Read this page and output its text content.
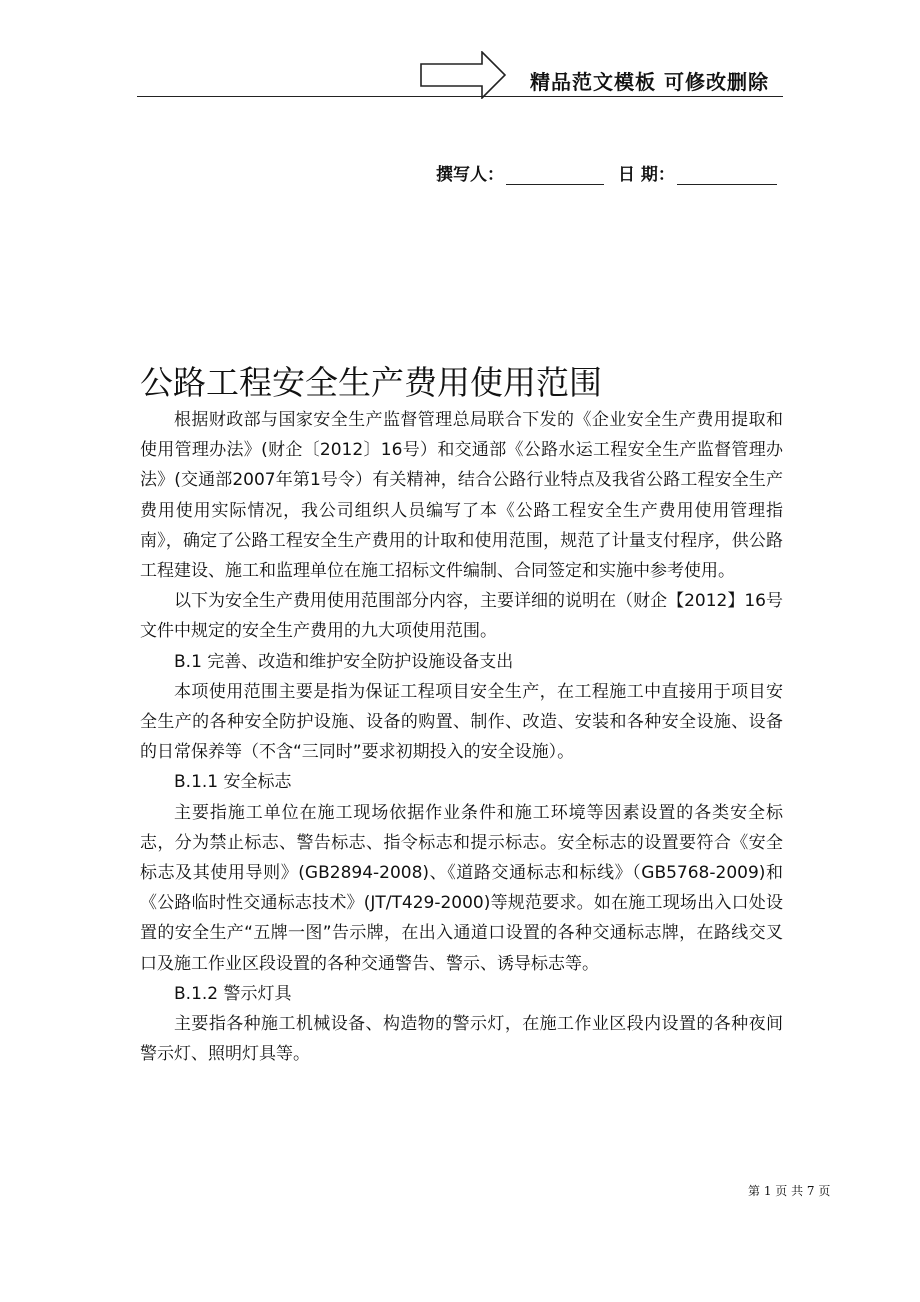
精品范文模板 可修改删除
撰写人：	日 期：
公路工程安全生产费用使用范围

根据财政部与国家安全生产监督管理总局联合下发的《企业安全生产费用提取和使用管理办法》(财企〔2012〕16号）和交通部《公路水运工程安全生产监督管理办法》(交通部2007年第1号令）有关精神，结合公路行业特点及我省公路工程安全生产费用使用实际情况，我公司组织人员编写了本《公路工程安全生产费用使用管理指南》，确定了公路工程安全生产费用的计取和使用范围，规范了计量支付程序，供公路工程建设、施工和监理单位在施工招标文件编制、合同签定和实施中参考使用。

以下为安全生产费用使用范围部分内容，主要详细的说明在（财企【2012】16号文件中规定的安全生产费用的九大项使用范围。

B.1 完善、改造和维护安全防护设施设备支出

本项使用范围主要是指为保证工程项目安全生产，在工程施工中直接用于项目安全生产的各种安全防护设施、设备的购置、制作、改造、安装和各种安全设施、设备的日常保养等（不含“三同时”要求初期投入的安全设施）。

B.1.1 安全标志

主要指施工单位在施工现场依据作业条件和施工环境等因素设置的各类安全标志，分为禁止标志、警告标志、指令标志和提示标志。安全标志的设置要符合《安全标志及其使用导则》(GB2894-2008)、《道路交通标志和标线》（GB5768-2009)和《公路临时性交通标志技术》(JT/T429-2000)等规范要求。如在施工现场出入口处设置的安全生产“五牌一图”告示牌，在出入通道口设置的各种交通标志牌，在路线交叉口及施工作业区段设置的各种交通警告、警示、诱导标志等。

B.1.2 警示灯具

主要指各种施工机械设备、构造物的警示灯，在施工作业区段内设置的各种夜间警示灯、照明灯具等。

第 1 页 共 7 页
